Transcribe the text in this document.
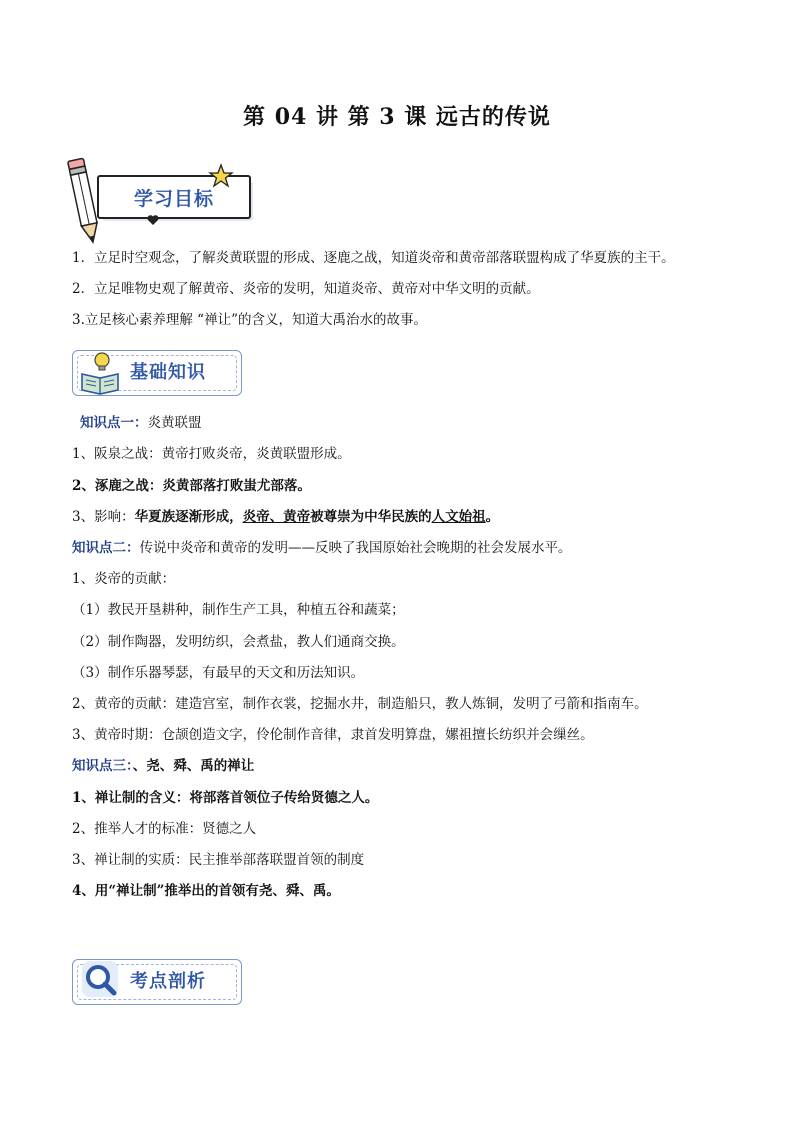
第 04 讲 第 3 课 远古的传说
学习目标
1．立足时空观念，了解炎黄联盟的形成、逐鹿之战，知道炎帝和黄帝部落联盟构成了华夏族的主干。
2．立足唯物史观了解黄帝、炎帝的发明，知道炎帝、黄帝对中华文明的贡献。
3.立足核心素养理解 “禅让”的含义，知道大禹治水的故事。
基础知识
知识点一：炎黄联盟
1、阪泉之战：黄帝打败炎帝，炎黄联盟形成。
2、涿鹿之战：炎黄部落打败蚩尤部落。
3、影响：华夏族逐渐形成，炎帝、黄帝被尊崇为中华民族的人文始祖。
知识点二：传说中炎帝和黄帝的发明——反映了我国原始社会晚期的社会发展水平。
1、炎帝的贡献：
（1）教民开垦耕种，制作生产工具，种植五谷和蔬菜；
（2）制作陶器，发明纺织，会煮盐，教人们通商交换。
（3）制作乐器琴瑟，有最早的天文和历法知识。
2、黄帝的贡献：建造宫室，制作衣裳，挖掘水井，制造船只，教人炼铜，发明了弓箭和指南车。
3、黄帝时期：仓颉创造文字，伶伦制作音律，隶首发明算盘，嫘祖擅长纺织并会缫丝。
知识点三：、尧、舜、禹的禅让
1、禅让制的含义：将部落首领位子传给贤德之人。
2、推举人才的标准：贤德之人
3、禅让制的实质：民主推举部落联盟首领的制度
4、用“禅让制”推举出的首领有尧、舜、禹。
考点剖析
